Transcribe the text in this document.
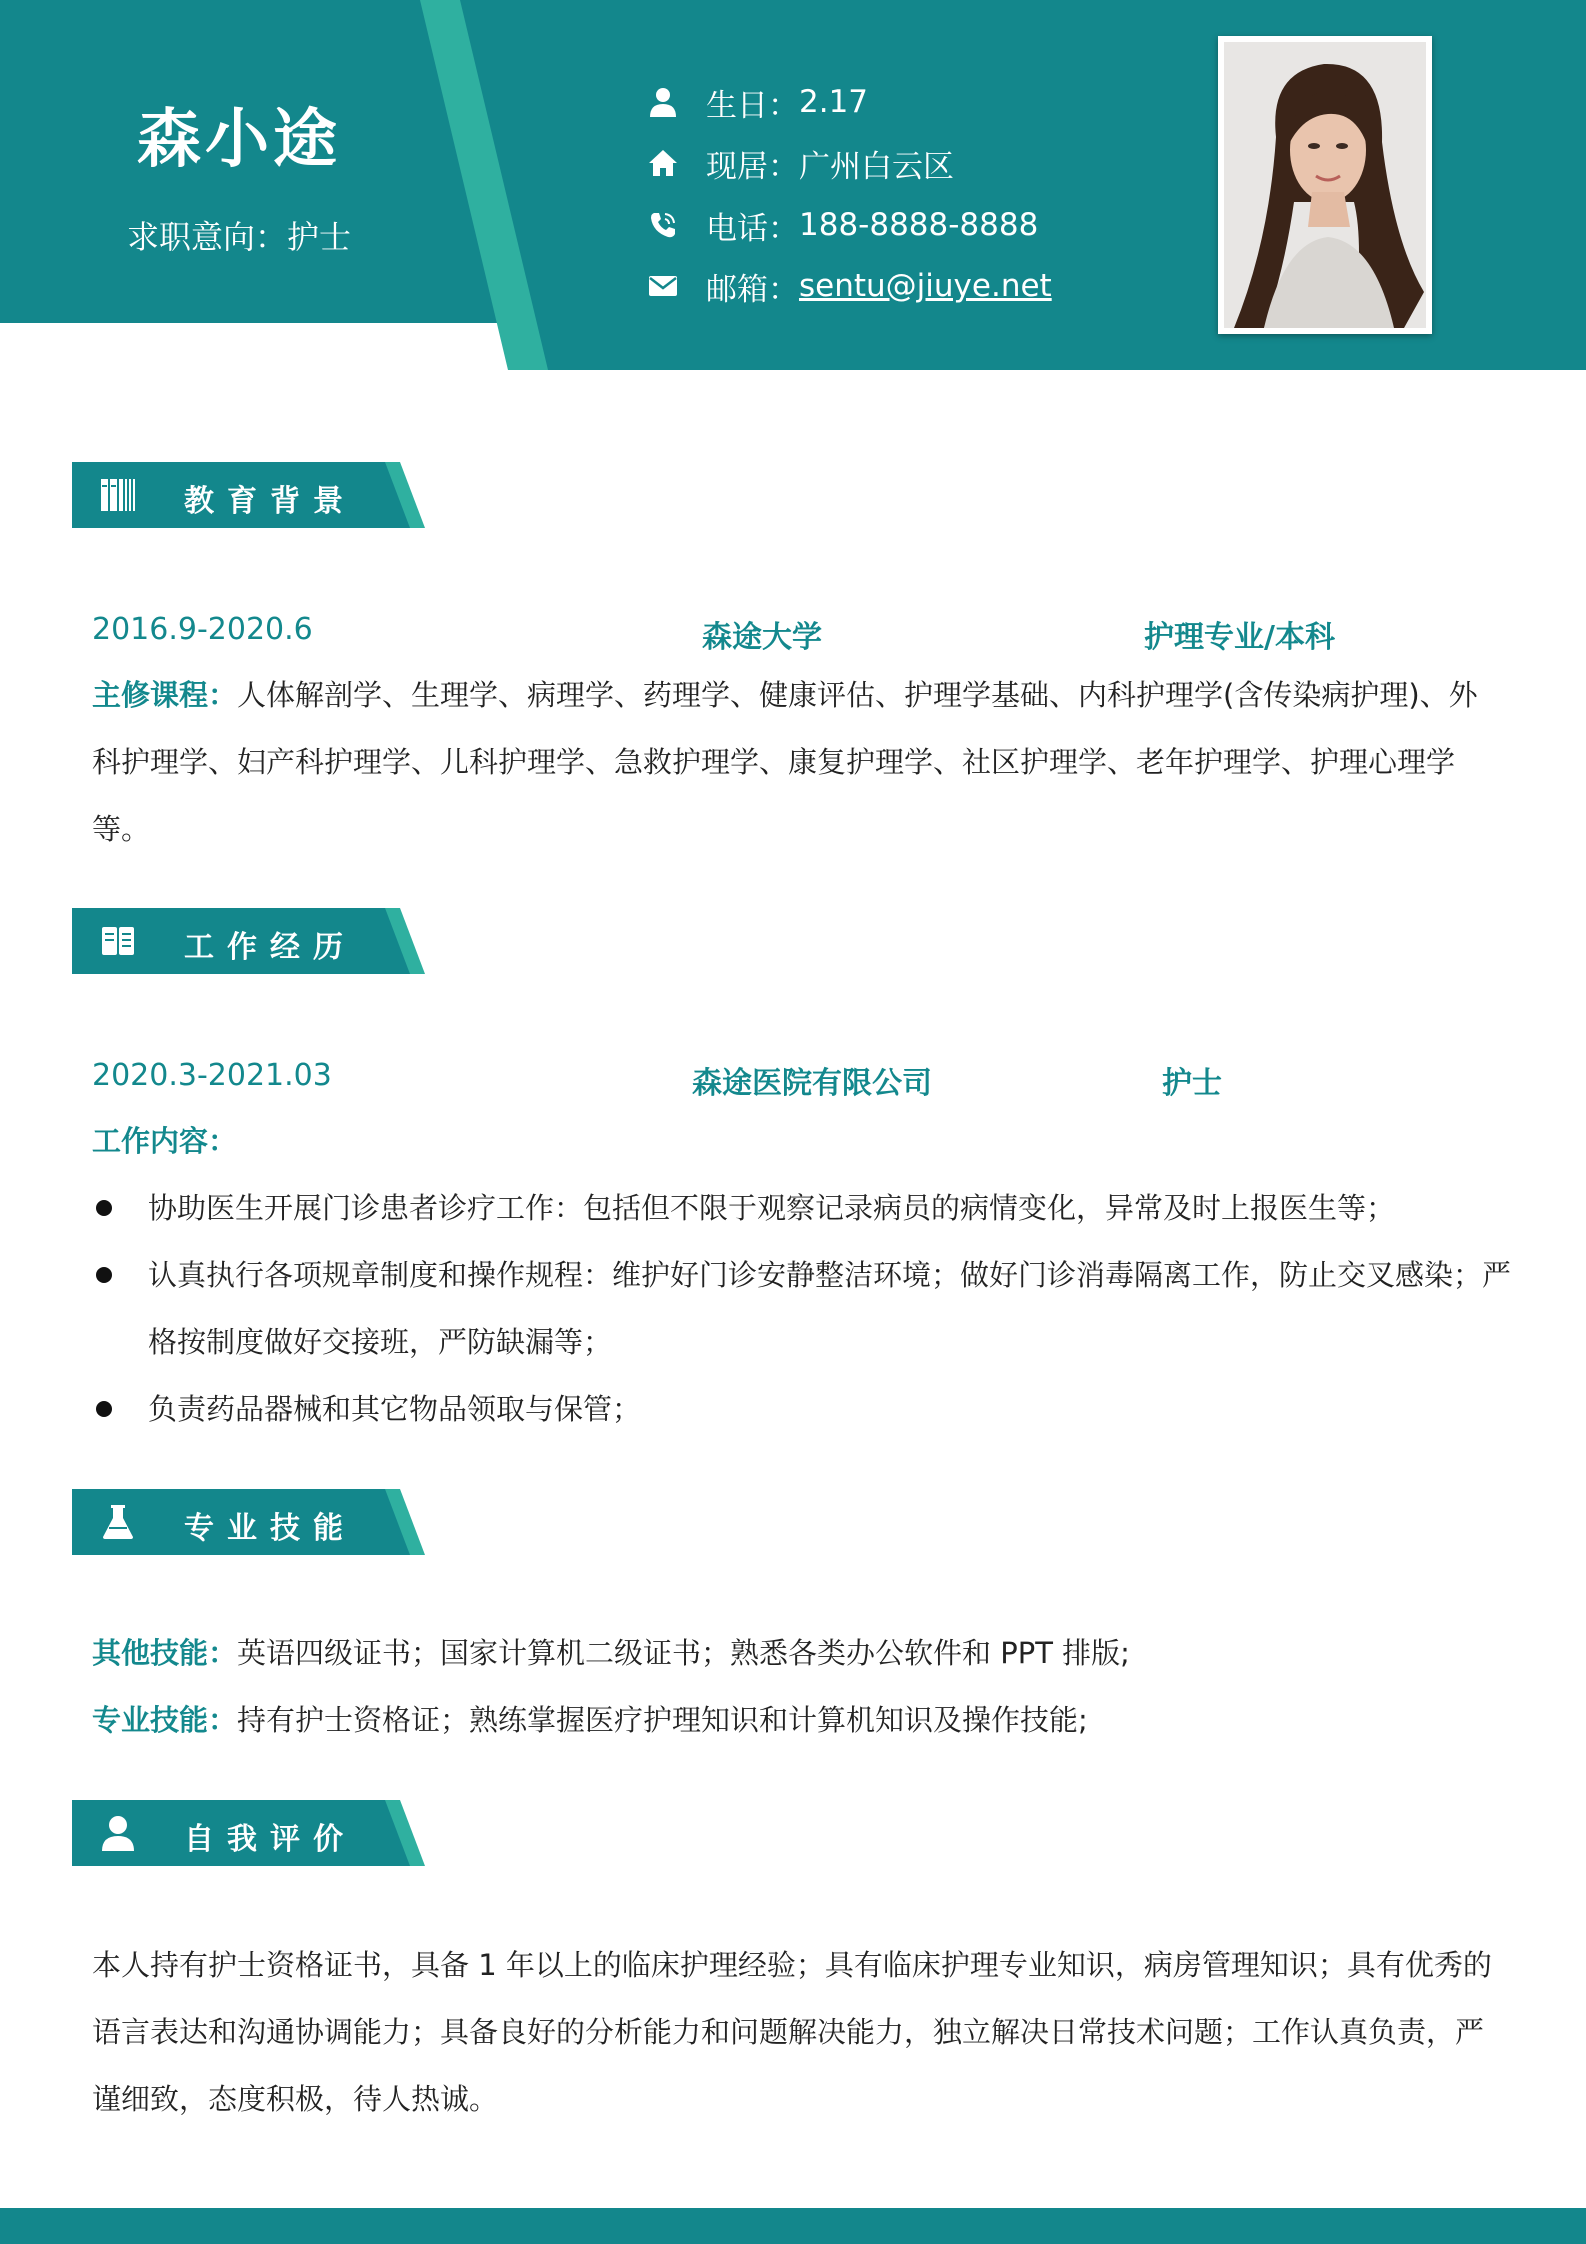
森小途
求职意向：护士
生日： 2.17
现居： 广州白云区
电话： 188-8888-8888
邮箱： sentu@jiuye.net
教育背景
2016.9-2020.6	森途大学	护理专业/本科
主修课程：人体解剖学、生理学、病理学、药理学、健康评估、护理学基础、内科护理学(含传染病护理)、外科护理学、妇产科护理学、儿科护理学、急救护理学、康复护理学、社区护理学、老年护理学、护理心理学等。
工作经历
2020.3-2021.03	森途医院有限公司	护士
工作内容：
协助医生开展门诊患者诊疗工作：包括但不限于观察记录病员的病情变化，异常及时上报医生等；
认真执行各项规章制度和操作规程：维护好门诊安静整洁环境；做好门诊消毒隔离工作，防止交叉感染；严格按制度做好交接班，严防缺漏等；
负责药品器械和其它物品领取与保管；
专业技能
其他技能：英语四级证书；国家计算机二级证书；熟悉各类办公软件和 PPT 排版;
专业技能：持有护士资格证；熟练掌握医疗护理知识和计算机知识及操作技能;
自我评价
本人持有护士资格证书，具备 1 年以上的临床护理经验；具有临床护理专业知识，病房管理知识；具有优秀的语言表达和沟通协调能力；具备良好的分析能力和问题解决能力，独立解决日常技术问题；工作认真负责，严谨细致，态度积极，待人热诚。
